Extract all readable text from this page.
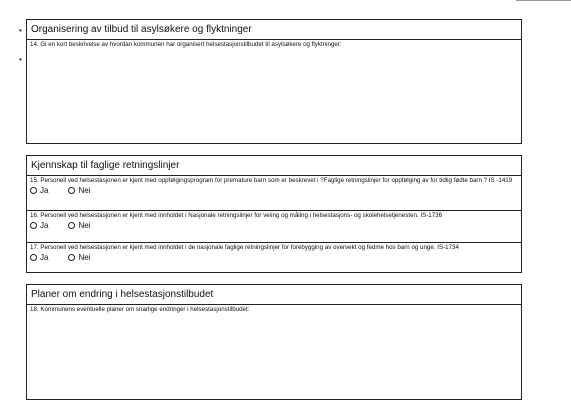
•
•
Organisering av tilbud til asylsøkere og flyktninger
14. Gi en kort beskrivelse av hvordan kommunen har organisert helsestasjonstilbudet til asylsøkere og flyktninger:
Kjennskap til faglige retningslinjer
15. Personell ved helsestasjonen er kjent med oppfølgingsprogram for premature barn som er beskrevet i ?Faglige retningslinjer for oppfølging av for tidlig fødte barn ? IS -1419
Ja	Nei
16. Personell ved helsestasjonen er kjent med innholdet i Nasjonale retningslinjer for veiing og måling i helsestasjons- og skolehelsetjenesten. IS-1736
Ja	Nei
17. Personell ved helsestasjonen er kjent med innholdet i de nasjonale faglige retningslinjer for forebygging av overvekt og fedme hos barn og unge. IS-1734
Ja	Nei
Planer om endring i helsestasjonstilbudet
18. Kommunens eventuelle planer om snarlige endringer i helsestasjonstilbudet:
